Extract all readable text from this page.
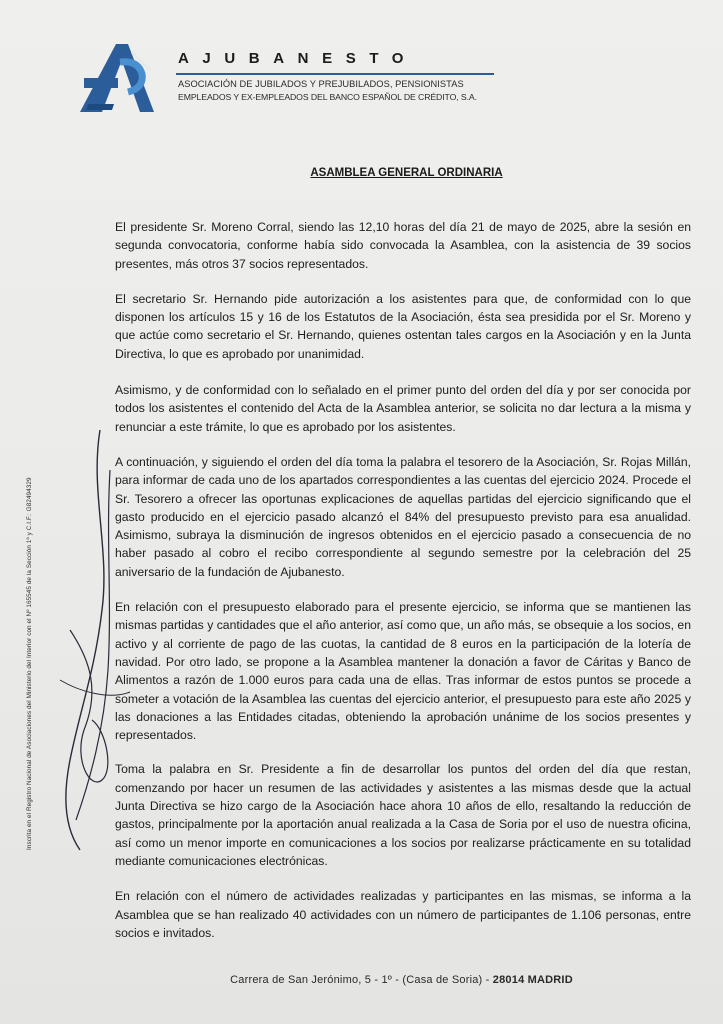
AJUBANESTO
ASOCIACIÓN DE JUBILADOS Y PREJUBILADOS, PENSIONISTAS
EMPLEADOS Y EX-EMPLEADOS DEL BANCO ESPAÑOL DE CRÉDITO, S.A.
ASAMBLEA GENERAL ORDINARIA

El presidente Sr. Moreno Corral, siendo las 12,10 horas del día 21 de mayo de 2025, abre la sesión en segunda convocatoria, conforme había sido convocada la Asamblea, con la asistencia de 39 socios presentes, más otros 37 socios representados.

El secretario Sr. Hernando pide autorización a los asistentes para que, de conformidad con lo que disponen los artículos 15 y 16 de los Estatutos de la Asociación, ésta sea presidida por el Sr. Moreno y que actúe como secretario el Sr. Hernando, quienes ostentan tales cargos en la Asociación y en la Junta Directiva, lo que es aprobado por unanimidad.

Asimismo, y de conformidad con lo señalado en el primer punto del orden del día y por ser conocida por todos los asistentes el contenido del Acta de la Asamblea anterior, se solicita no dar lectura a la misma y renunciar a este trámite, lo que es aprobado por los asistentes.

A continuación, y siguiendo el orden del día toma la palabra el tesorero de la Asociación, Sr. Rojas Millán, para informar de cada uno de los apartados correspondientes a las cuentas del ejercicio 2024. Procede el Sr. Tesorero a ofrecer las oportunas explicaciones de aquellas partidas del ejercicio significando que el gasto producido en el ejercicio pasado alcanzó el 84% del presupuesto previsto para esa anualidad. Asimismo, subraya la disminución de ingresos obtenidos en el ejercicio pasado a consecuencia de no haber pasado al cobro el recibo correspondiente al segundo semestre por la celebración del 25 aniversario de la fundación de Ajubanesto.

En relación con el presupuesto elaborado para el presente ejercicio, se informa que se mantienen las mismas partidas y cantidades que el año anterior, así como que, un año más, se obsequie a los socios, en activo y al corriente de pago de las cuotas, la cantidad de 8 euros en la participación de la lotería de navidad. Por otro lado, se propone a la Asamblea mantener la donación a favor de Cáritas y Banco de Alimentos a razón de 1.000 euros para cada una de ellas. Tras informar de estos puntos se procede a someter a votación de la Asamblea las cuentas del ejercicio anterior, el presupuesto para este año 2025 y las donaciones a las Entidades citadas, obteniendo la aprobación unánime de los socios presentes y representados.

Toma la palabra en Sr. Presidente a fin de desarrollar los puntos del orden del día que restan, comenzando por hacer un resumen de las actividades y asistentes a las mismas desde que la actual Junta Directiva se hizo cargo de la Asociación hace ahora 10 años de ello, resaltando la reducción de gastos, principalmente por la aportación anual realizada a la Casa de Soria por el uso de nuestra oficina, así como un menor importe en comunicaciones a los socios por realizarse prácticamente en su totalidad mediante comunicaciones electrónicas.

En relación con el número de actividades realizadas y participantes en las mismas, se informa a la Asamblea que se han realizado 40 actividades con un número de participantes de 1.106 personas, entre socios e invitados.

Inscrita en el Registro Nacional de Asociaciones del Ministerio del Interior con el Nº 165545 de la Sección 1ª y C.I.F.: G82494329
Carrera de San Jerónimo, 5 - 1º - (Casa de Soria) - 28014 MADRID
